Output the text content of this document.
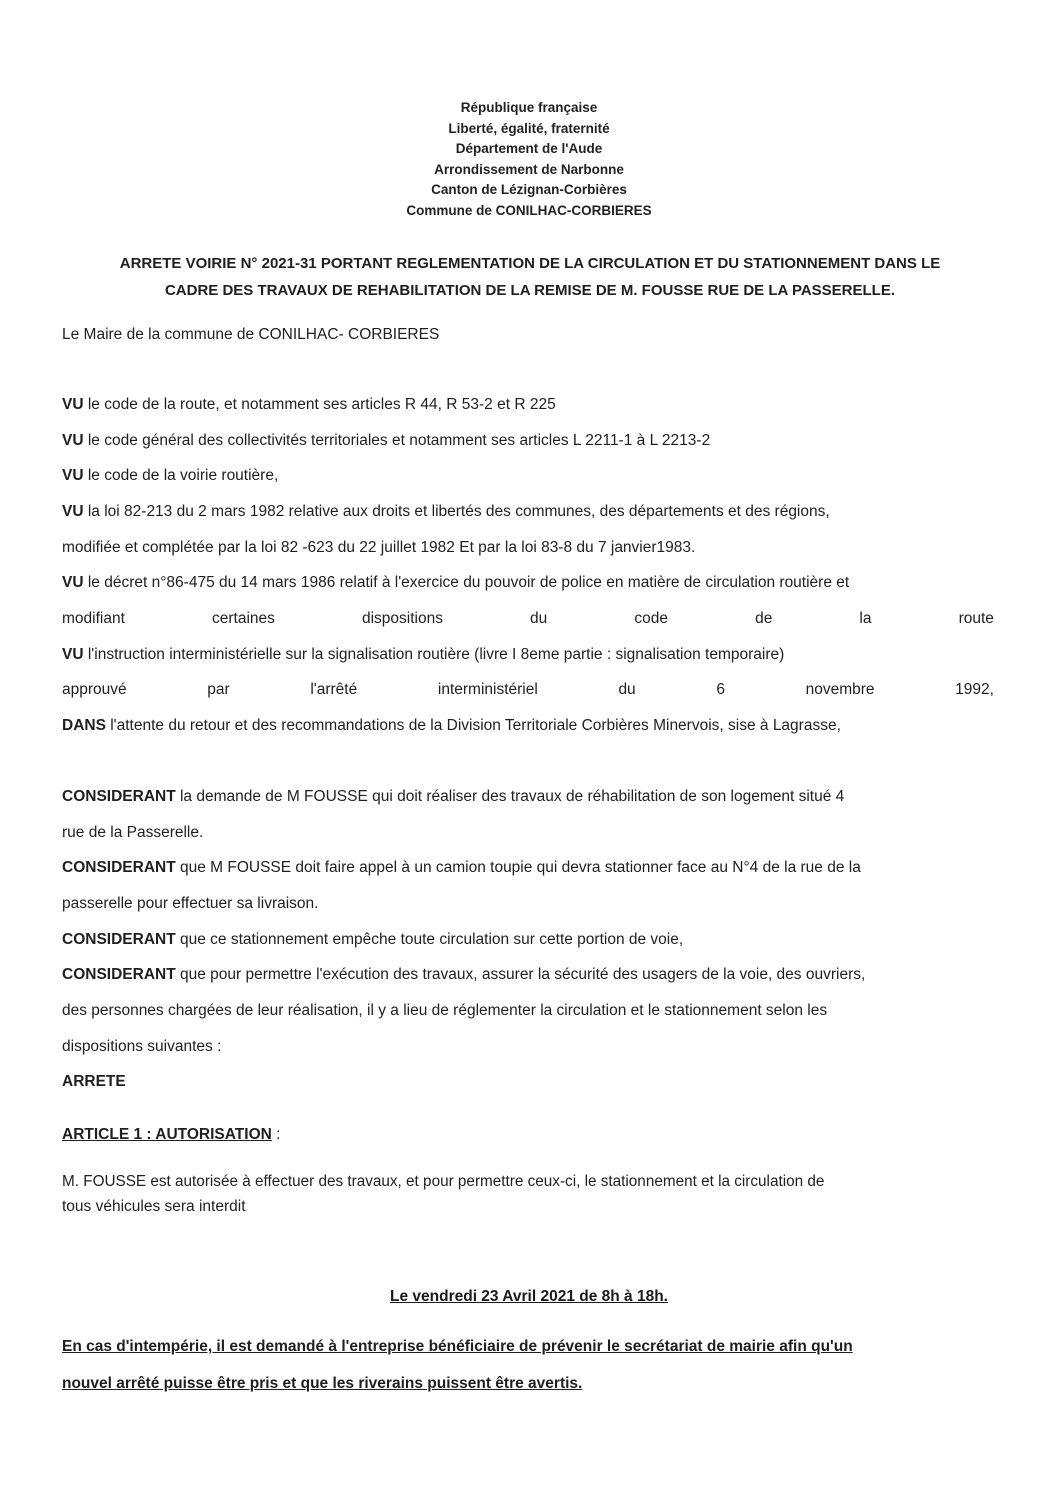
République française
Liberté, égalité, fraternité
Département de l'Aude
Arrondissement de Narbonne
Canton de Lézignan-Corbières
Commune de CONILHAC-CORBIERES
ARRETE VOIRIE N° 2021-31 PORTANT REGLEMENTATION DE LA CIRCULATION ET DU STATIONNEMENT DANS LE
CADRE DES TRAVAUX DE REHABILITATION DE LA REMISE DE M. FOUSSE RUE DE LA PASSERELLE.
Le Maire de la commune de CONILHAC- CORBIERES
VU le code de la route, et notamment ses articles R 44, R 53-2 et R 225
VU le code général des collectivités territoriales et notamment ses articles L 2211-1 à L 2213-2
VU le code de la voirie routière,
VU la loi 82-213 du 2 mars 1982 relative aux droits et libertés des communes, des départements et des régions,
modifiée et complétée par la loi 82 -623 du 22 juillet 1982 Et par la loi 83-8 du 7 janvier1983.
VU le décret n°86-475 du 14 mars 1986 relatif à l'exercice du pouvoir de police en matière de circulation routière et
modifiant	certaines	dispositions	du	code	de	la	route
VU l'instruction interministérielle sur la signalisation routière (livre I 8eme partie : signalisation temporaire)
approuvé	par	l'arrêté	interministériel	du	6	novembre	1992,
DANS l'attente du retour et des recommandations de la Division Territoriale Corbières Minervois, sise à Lagrasse,
CONSIDERANT la demande de M FOUSSE qui doit réaliser des travaux de réhabilitation de son logement situé 4
rue de la Passerelle.
CONSIDERANT que M FOUSSE doit faire appel à un camion toupie qui devra stationner face au N°4 de la rue de la
passerelle pour effectuer sa livraison.
CONSIDERANT que ce stationnement empêche toute circulation sur cette portion de voie,
CONSIDERANT que pour permettre l'exécution des travaux, assurer la sécurité des usagers de la voie, des ouvriers,
des personnes chargées de leur réalisation, il y a lieu de réglementer la circulation et le stationnement selon les
dispositions suivantes :
ARRETE
ARTICLE 1 : AUTORISATION :
M. FOUSSE est autorisée à effectuer des travaux, et pour permettre ceux-ci, le stationnement et la circulation de
tous véhicules sera interdit
Le vendredi 23 Avril 2021 de 8h à 18h.
En cas d'intempérie, il est demandé à l'entreprise bénéficiaire de prévenir le secrétariat de mairie afin qu'un
nouvel arrêté puisse être pris et que les riverains puissent être avertis.
